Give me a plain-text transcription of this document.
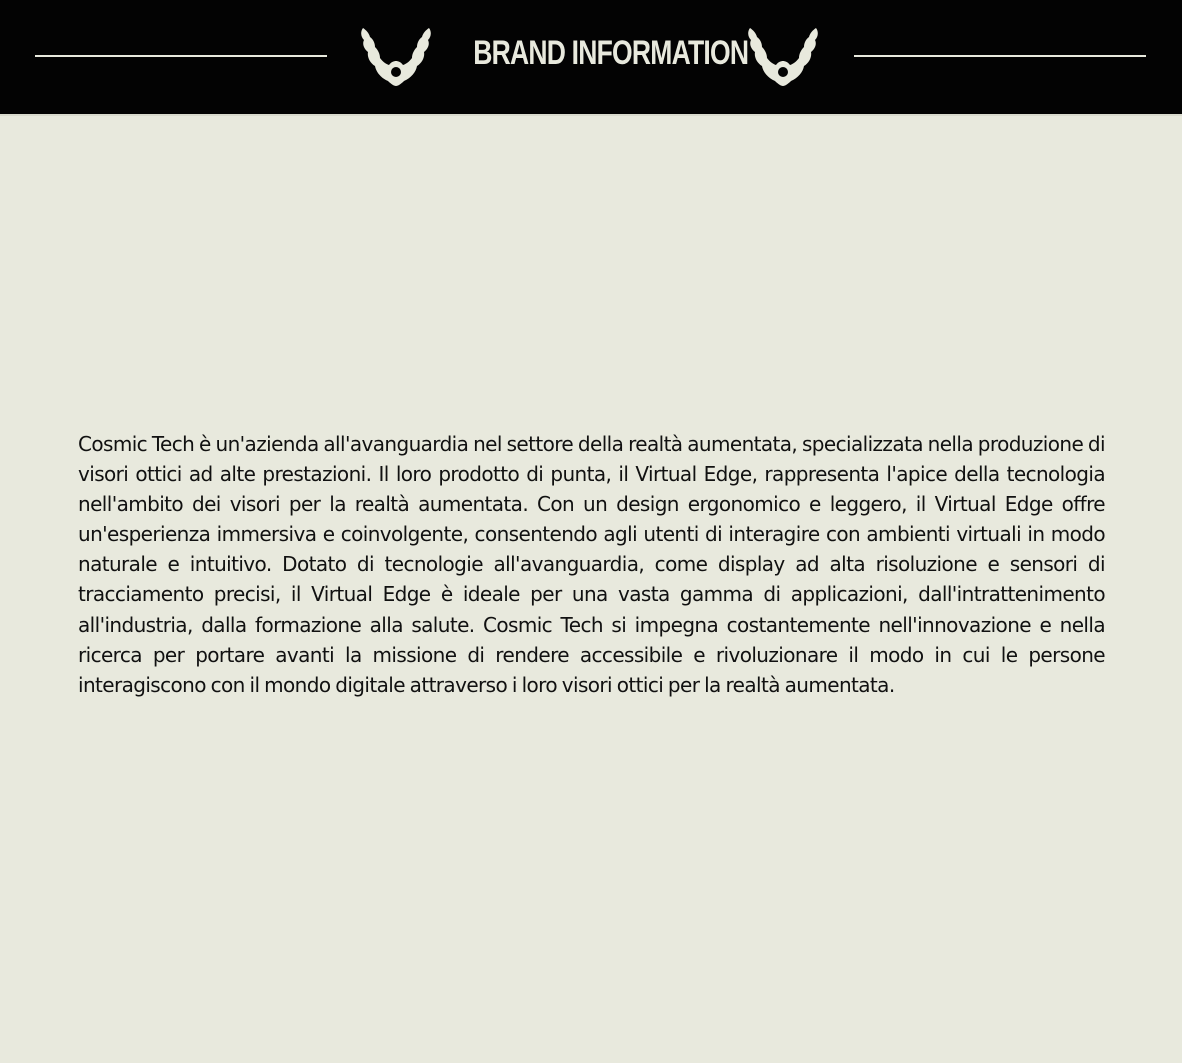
BRAND INFORMATION

Cosmic Tech è un'azienda all'avanguardia nel settore della realtà aumentata, specializzata nella produzione di visori ottici ad alte prestazioni. Il loro prodotto di punta, il Virtual Edge, rappresenta l'apice della tecnologia nell'ambito dei visori per la realtà aumentata. Con un design ergonomico e leggero, il Virtual Edge offre un'esperienza immersiva e coinvolgente, consentendo agli utenti di interagire con ambienti virtuali in modo naturale e intuitivo. Dotato di tecnologie all'avanguardia, come display ad alta risoluzione e sensori di tracciamento precisi, il Virtual Edge è ideale per una vasta gamma di applicazioni, dall'intrattenimento all'industria, dalla formazione alla salute. Cosmic Tech si impegna costantemente nell'innovazione e nella ricerca per portare avanti la missione di rendere accessibile e rivoluzionare il modo in cui le persone interagiscono con il mondo digitale attraverso i loro visori ottici per la realtà aumentata.
